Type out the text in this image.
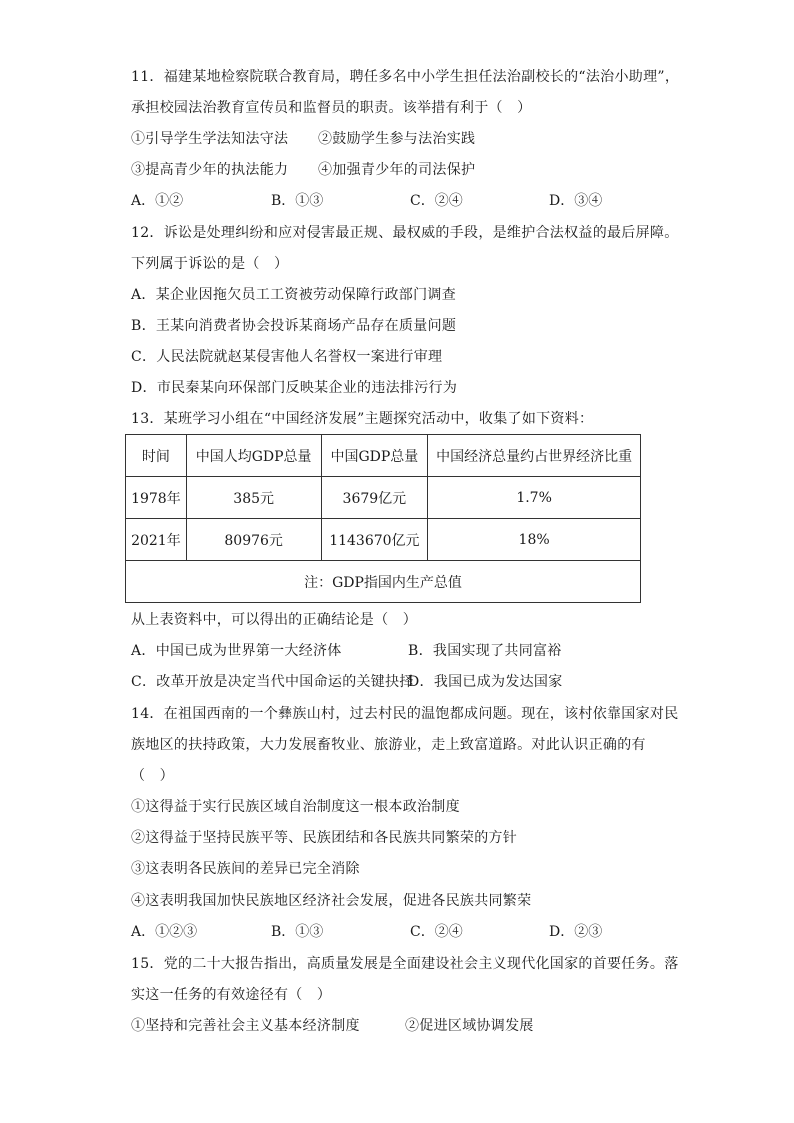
11．福建某地检察院联合教育局，聘任多名中小学生担任法治副校长的“法治小助理”，
承担校园法治教育宣传员和监督员的职责。该举措有利于（　）
①引导学生学法知法守法 ②鼓励学生参与法治实践
③提高青少年的执法能力 ④加强青少年的司法保护
A．①②	B．①③	C．②④	D．③④
12．诉讼是处理纠纷和应对侵害最正规、最权威的手段，是维护合法权益的最后屏障。
下列属于诉讼的是（　）
A．某企业因拖欠员工工资被劳动保障行政部门调查
B．王某向消费者协会投诉某商场产品存在质量问题
C．人民法院就赵某侵害他人名誉权一案进行审理
D．市民秦某向环保部门反映某企业的违法排污行为
13．某班学习小组在“中国经济发展”主题探究活动中，收集了如下资料：
时间	中国人均GDP总量	中国GDP总量	中国经济总量约占世界经济比重
1978年	385元	3679亿元	1.7%
2021年	80976元	1143670亿元	18%
注：GDP指国内生产总值			
从上表资料中，可以得出的正确结论是（　）
A．中国已成为世界第一大经济体	B．我国实现了共同富裕
C．改革开放是决定当代中国命运的关键抉择
D．我国已成为发达国家
14．在祖国西南的一个彝族山村，过去村民的温饱都成问题。现在，该村依靠国家对民
族地区的扶持政策，大力发展畜牧业、旅游业，走上致富道路。对此认识正确的有
（　）
①这得益于实行民族区域自治制度这一根本政治制度
②这得益于坚持民族平等、民族团结和各民族共同繁荣的方针
③这表明各民族间的差异已完全消除
④这表明我国加快民族地区经济社会发展，促进各民族共同繁荣
A．①②③	B．①③	C．②④	D．②③
15．党的二十大报告指出，高质量发展是全面建设社会主义现代化国家的首要任务。落
实这一任务的有效途径有（　）
①坚持和完善社会主义基本经济制度	②促进区域协调发展
